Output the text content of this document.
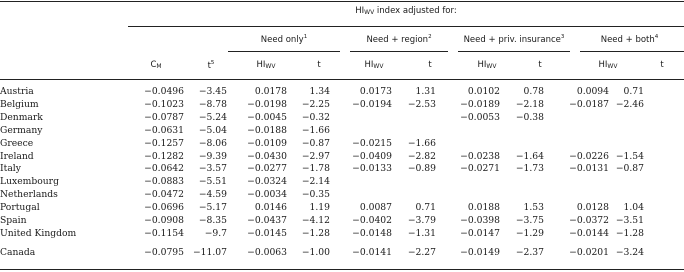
HIWV index adjusted for:
Need only$^1$	Need + region$^2$	Need + priv. insurance$^3$	Need + both$^4$
CM	$t^5$	HIWV	t	HIWV	t	HIWV	t	HIWV	t
Austria	−0.0496	−3.45	0.0178	1.34	0.0173	1.31	0.0102	0.78	0.0094	0.71	
Belgium	−0.1023	−8.78	−0.0198	−2.25	−0.0194	−2.53	−0.0189	−2.18	−0.0187	−2.46	
Denmark	−0.0787	−5.24	−0.0045	−0.32			−0.0053	−0.38			
Germany	−0.0631	−5.04	−0.0188	−1.66							
Greece	−0.1257	−8.06	−0.0109	−0.87	−0.0215	−1.66					
Ireland	−0.1282	−9.39	−0.0430	−2.97	−0.0409	−2.82	−0.0238	−1.64	−0.0226	−1.54	
Italy	−0.0642	−3.57	−0.0277	−1.78	−0.0133	−0.89	−0.0271	−1.73	−0.0131	−0.87	
Luxembourg	−0.0883	−5.51	−0.0324	−2.14							
Netherlands	−0.0472	−4.59	−0.0034	−0.35							
Portugal	−0.0696	−5.17	0.0146	1.19	0.0087	0.71	0.0188	1.53	0.0128	1.04	
Spain	−0.0908	−8.35	−0.0437	−4.12	−0.0402	−3.79	−0.0398	−3.75	−0.0372	−3.51	
United Kingdom	−0.1154	−9.7	−0.0145	−1.28	−0.0148	−1.31	−0.0147	−1.29	−0.0144	−1.28	

Canada	−0.0795	−11.07	−0.0063	−1.00	−0.0141	−2.27	−0.0149	−2.37	−0.0201	−3.24	
